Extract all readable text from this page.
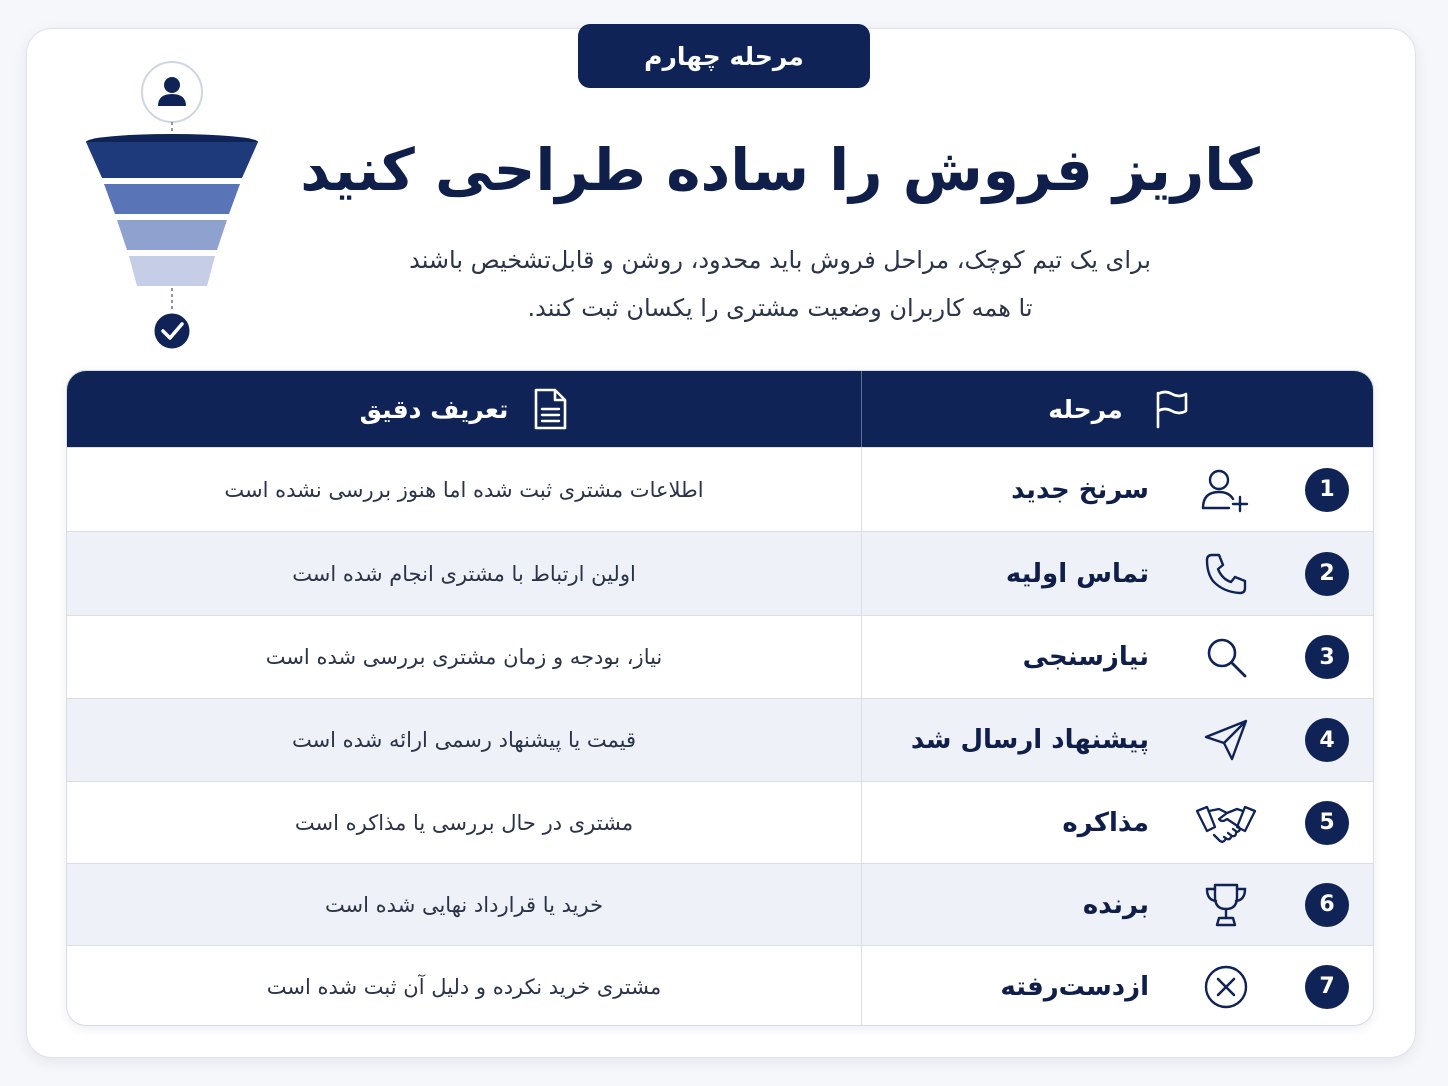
مرحله چهارم
کاریز فروش را ساده طراحی کنید
برای یک تیم کوچک، مراحل فروش باید محدود، روشن و قابل‌تشخیص باشند
تا همه کاربران وضعیت مشتری را یکسان ثبت کنند.
مرحله
تعریف دقیق
1
سرنخ جدید
اطلاعات مشتری ثبت شده اما هنوز بررسی نشده است
2
تماس اولیه
اولین ارتباط با مشتری انجام شده است
3
نیازسنجی
نیاز، بودجه و زمان مشتری بررسی شده است
4
پیشنهاد ارسال شد
قیمت یا پیشنهاد رسمی ارائه شده است
5
مذاکره
مشتری در حال بررسی یا مذاکره است
6
برنده
خرید یا قرارداد نهایی شده است
7
ازدست‌رفته
مشتری خرید نکرده و دلیل آن ثبت شده است
